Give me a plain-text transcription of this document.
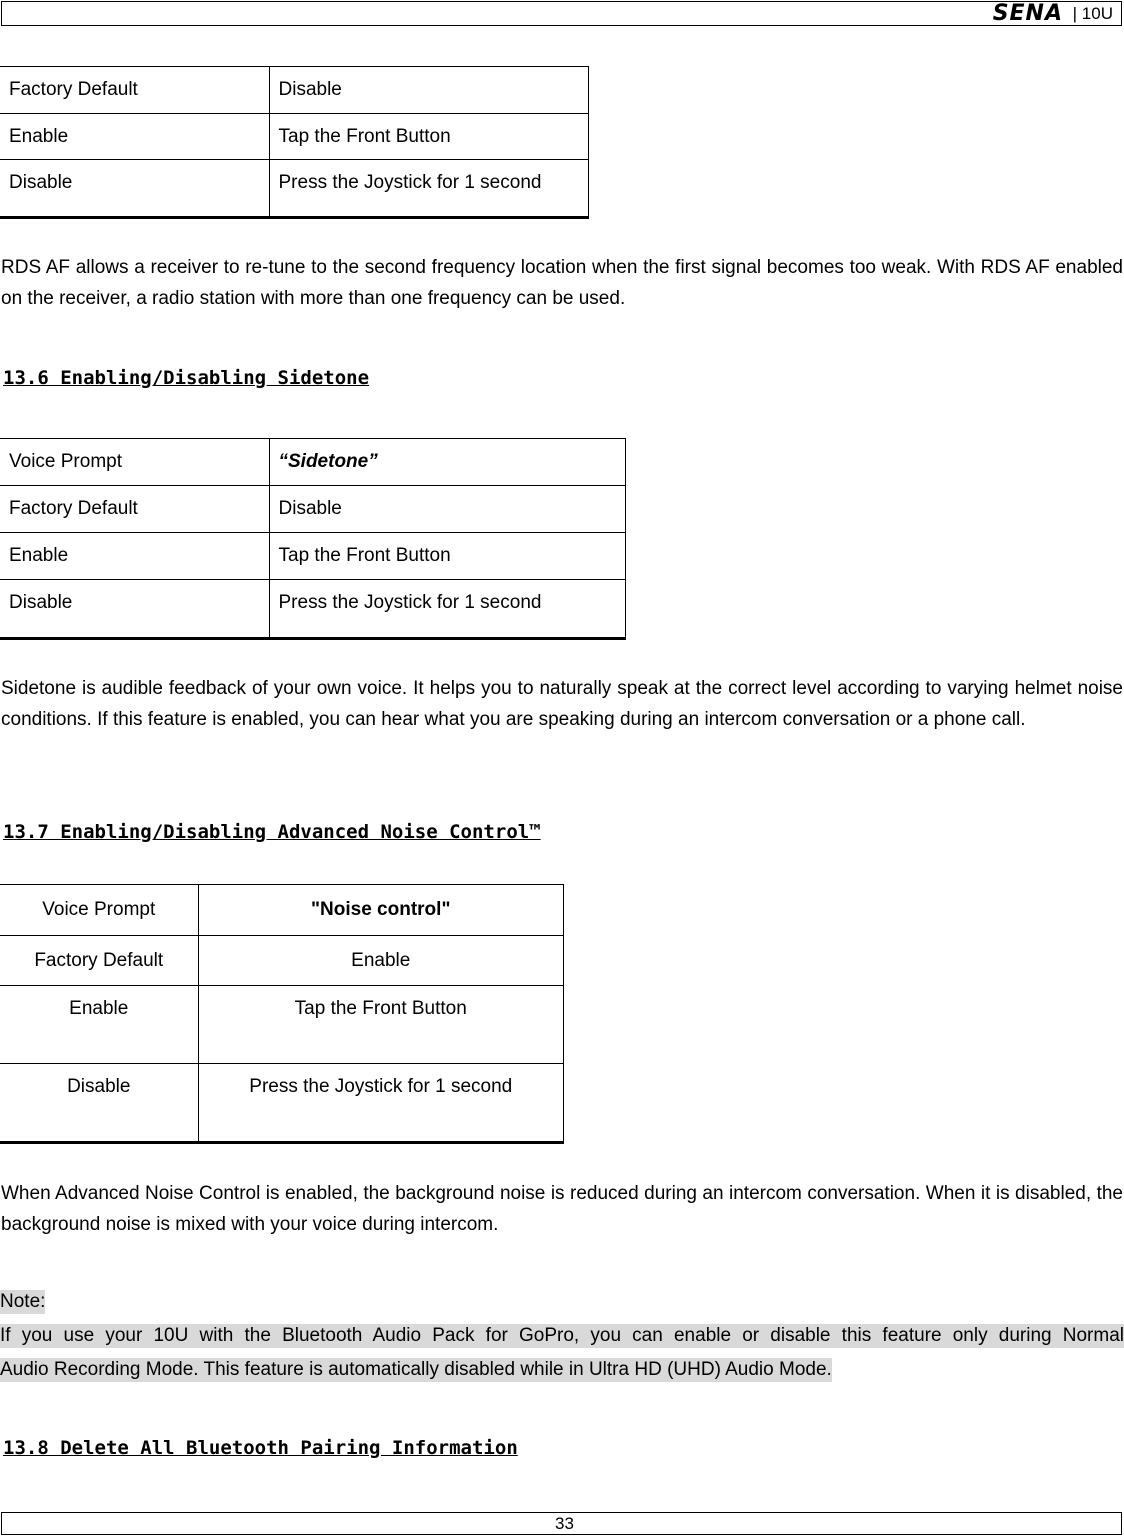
SENA | 10U
Factory Default	Disable
Enable	Tap the Front Button
Disable	Press the Joystick for 1 second

RDS AF allows a receiver to re-tune to the second frequency location when the first signal becomes too weak. With RDS AF enabled on the receiver, a radio station with more than one frequency can be used.

13.6 Enabling/Disabling Sidetone
Voice Prompt	“Sidetone”
Factory Default	Disable
Enable	Tap the Front Button
Disable	Press the Joystick for 1 second

Sidetone is audible feedback of your own voice. It helps you to naturally speak at the correct level according to varying helmet noise conditions. If this feature is enabled, you can hear what you are speaking during an intercom conversation or a phone call.

13.7 Enabling/Disabling Advanced Noise Control™
Voice Prompt	"Noise control"
Factory Default	Enable
Enable	Tap the Front Button
Disable	Press the Joystick for 1 second

When Advanced Noise Control is enabled, the background noise is reduced during an intercom conversation. When it is disabled, the background noise is mixed with your voice during intercom.

Note:
If you use your 10U with the Bluetooth Audio Pack for GoPro, you can enable or disable this feature only during Normal
Audio Recording Mode. This feature is automatically disabled while in Ultra HD (UHD) Audio Mode.
13.8 Delete All Bluetooth Pairing Information
33
